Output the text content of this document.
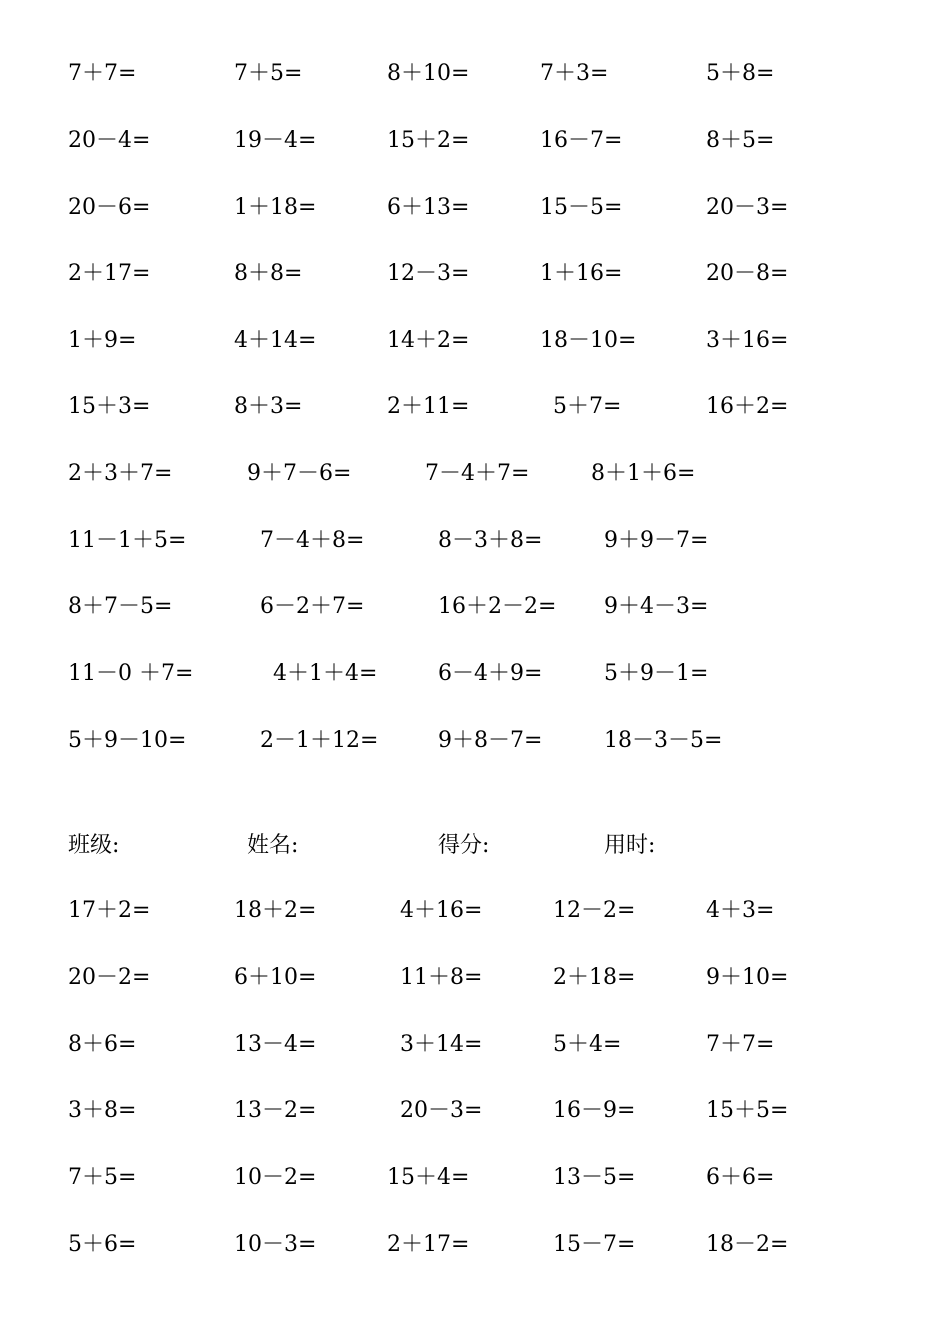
7＋7=	7＋5=	8＋10=	7＋3=	5＋8=
20－4=	19－4=	15＋2=	16－7=	8＋5=
20－6=	1＋18=	6＋13=	15－5=	20－3=
2＋17=	8＋8=	12－3=	1＋16=	20－8=
1＋9=	4＋14=	14＋2=	18－10=	3＋16=
15＋3=	8＋3=	2＋11=	5＋7=	16＋2=
2＋3＋7=	9＋7－6=	7－4＋7=	8＋1＋6=
11－1＋5=	7－4＋8=	8－3＋8=	9＋9－7=
8＋7－5=	6－2＋7=	16＋2－2= 9＋4－3=
11－0 ＋7=	4＋1＋4=	6－4＋9=	5＋9－1=
5＋9－10=	2－1＋12=	9＋8－7=	18－3－5=
班级:	姓名:	得分:	用时:
17＋2=	18＋2=	4＋16=	12－2=	4＋3=
20－2=	6＋10=	11＋8=	2＋18=	9＋10=
8＋6=	13－4=	3＋14=	5＋4=	7＋7=
3＋8=	13－2=	20－3=	16－9=	15＋5=
7＋5=	10－2=	15＋4=	13－5=	6＋6=
5＋6=	10－3=	2＋17=	15－7=	18－2=
